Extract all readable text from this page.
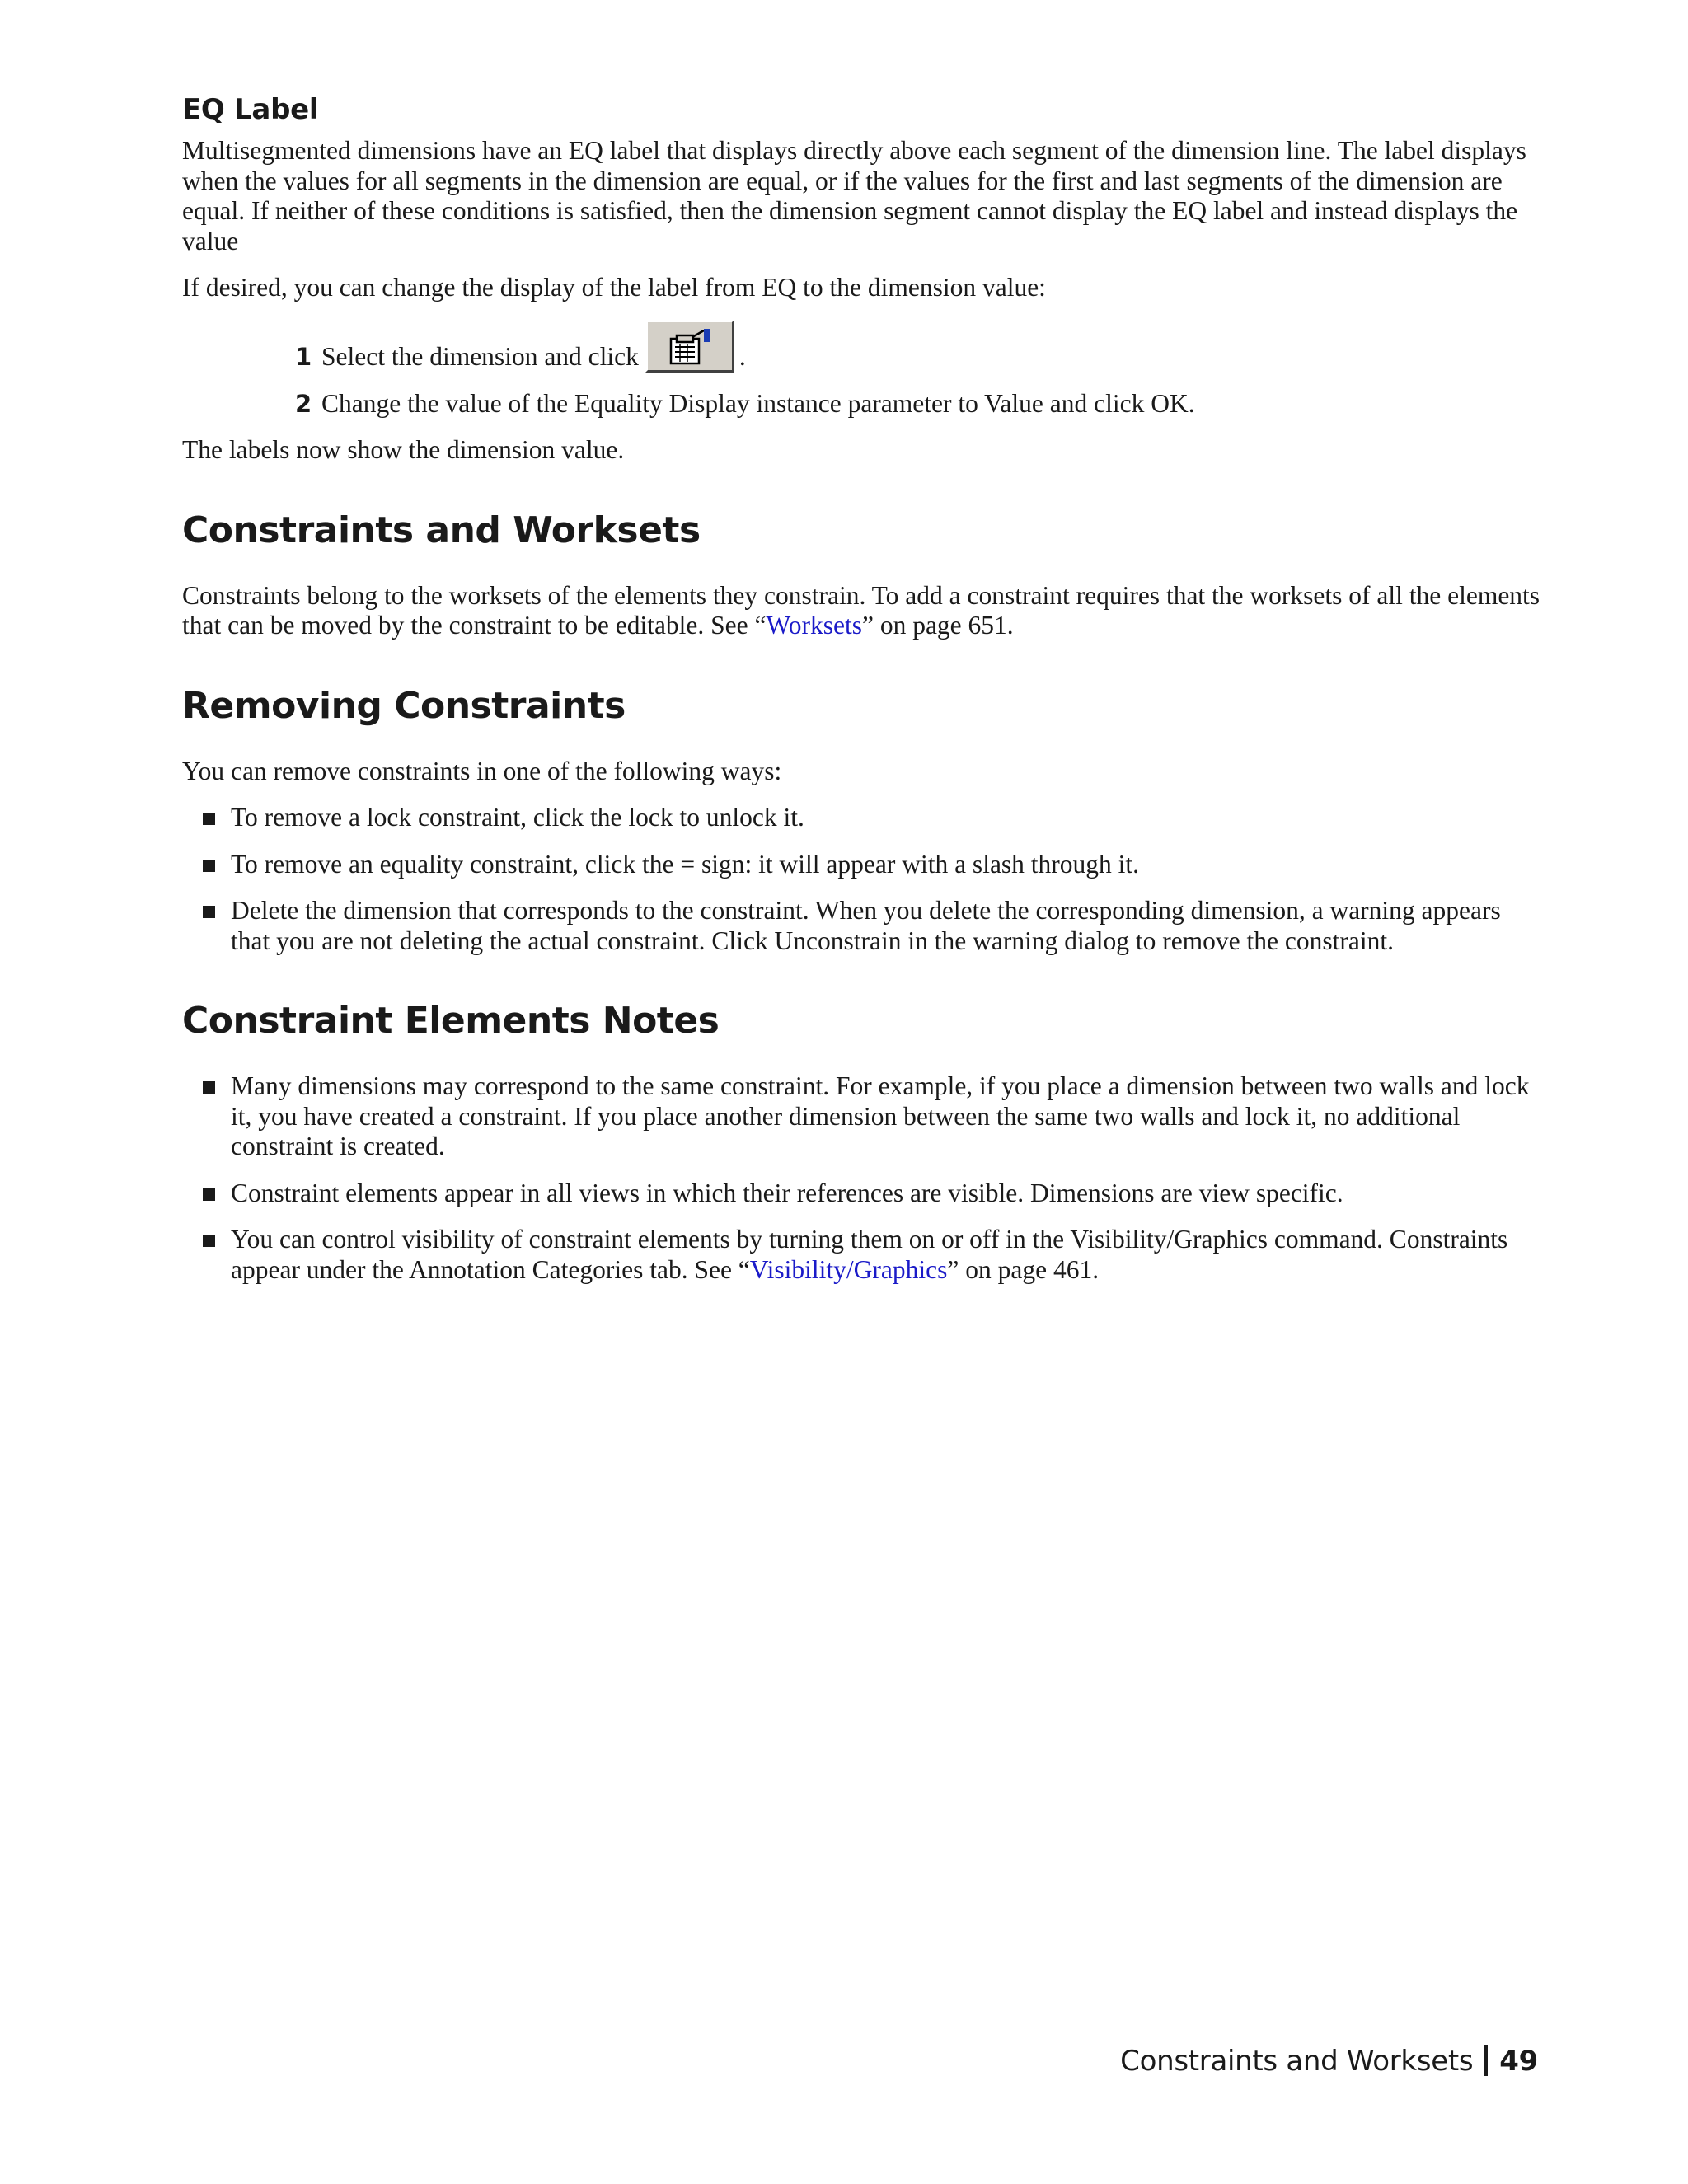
EQ Label

Multisegmented dimensions have an EQ label that displays directly above each segment of the dimension line. The label displays when the values for all segments in the dimension are equal, or if the values for the first and last segments of the dimension are equal. If neither of these conditions is satisfied, then the dimension segment cannot display the EQ label and instead displays the value

If desired, you can change the display of the label from EQ to the dimension value:

1 Select the dimension and click	.
2 Change the value of the Equality Display instance parameter to Value and click OK.

The labels now show the dimension value.

Constraints and Worksets

Constraints belong to the worksets of the elements they constrain. To add a constraint requires that the worksets of all the elements that can be moved by the constraint to be editable. See “Worksets” on page 651.

Removing Constraints

You can remove constraints in one of the following ways:

To remove a lock constraint, click the lock to unlock it.
To remove an equality constraint, click the = sign: it will appear with a slash through it.
Delete the dimension that corresponds to the constraint. When you delete the corresponding dimension, a warning appears that you are not deleting the actual constraint. Click Unconstrain in the warning dialog to remove the constraint.
Constraint Elements Notes
Many dimensions may correspond to the same constraint. For example, if you place a dimension between two walls and lock it, you have created a constraint. If you place another dimension between the same two walls and lock it, no additional constraint is created.
Constraint elements appear in all views in which their references are visible. Dimensions are view specific.
You can control visibility of constraint elements by turning them on or off in the Visibility/Graphics command. Constraints appear under the Annotation Categories tab. See “Visibility/Graphics” on page 461.
Constraints and Worksets 49
